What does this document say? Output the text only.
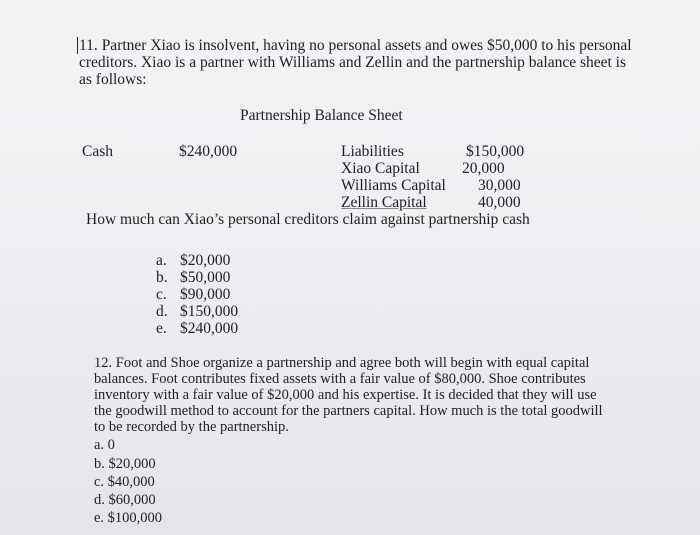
11. Partner Xiao is insolvent, having no personal assets and owes $50,000 to his personal
creditors. Xiao is a partner with Williams and Zellin and the partnership balance sheet is
as follows:
Partnership Balance Sheet
Cash	$240,000	Liabilities	$150,000
Xiao Capital	20,000
Williams Capital 30,000
Zellin Capital	40,000
How much can Xiao’s personal creditors claim against partnership cash
a. $20,000
b. $50,000
c. $90,000
d. $150,000
e. $240,000
12. Foot and Shoe organize a partnership and agree both will begin with equal capital
balances. Foot contributes fixed assets with a fair value of $80,000. Shoe contributes
inventory with a fair value of $20,000 and his expertise. It is decided that they will use
the goodwill method to account for the partners capital. How much is the total goodwill
to be recorded by the partnership.
a. 0
b. $20,000
c. $40,000
d. $60,000
e. $100,000
